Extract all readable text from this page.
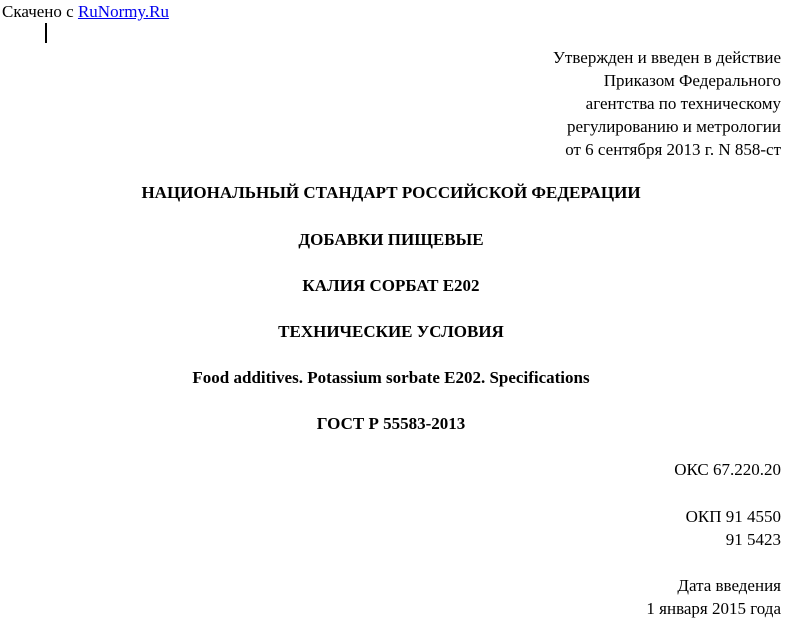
Скачено с RuNormy.Ru
Утвержден и введен в действие
Приказом Федерального
агентства по техническому
регулированию и метрологии
от 6 сентября 2013 г. N 858-ст
НАЦИОНАЛЬНЫЙ СТАНДАРТ РОССИЙСКОЙ ФЕДЕРАЦИИ
ДОБАВКИ ПИЩЕВЫЕ
КАЛИЯ СОРБАТ E202
ТЕХНИЧЕСКИЕ УСЛОВИЯ
Food additives. Potassium sorbate E202. Specifications
ГОСТ Р 55583-2013
ОКС 67.220.20
ОКП 91 4550
91 5423
Дата введения
1 января 2015 года
